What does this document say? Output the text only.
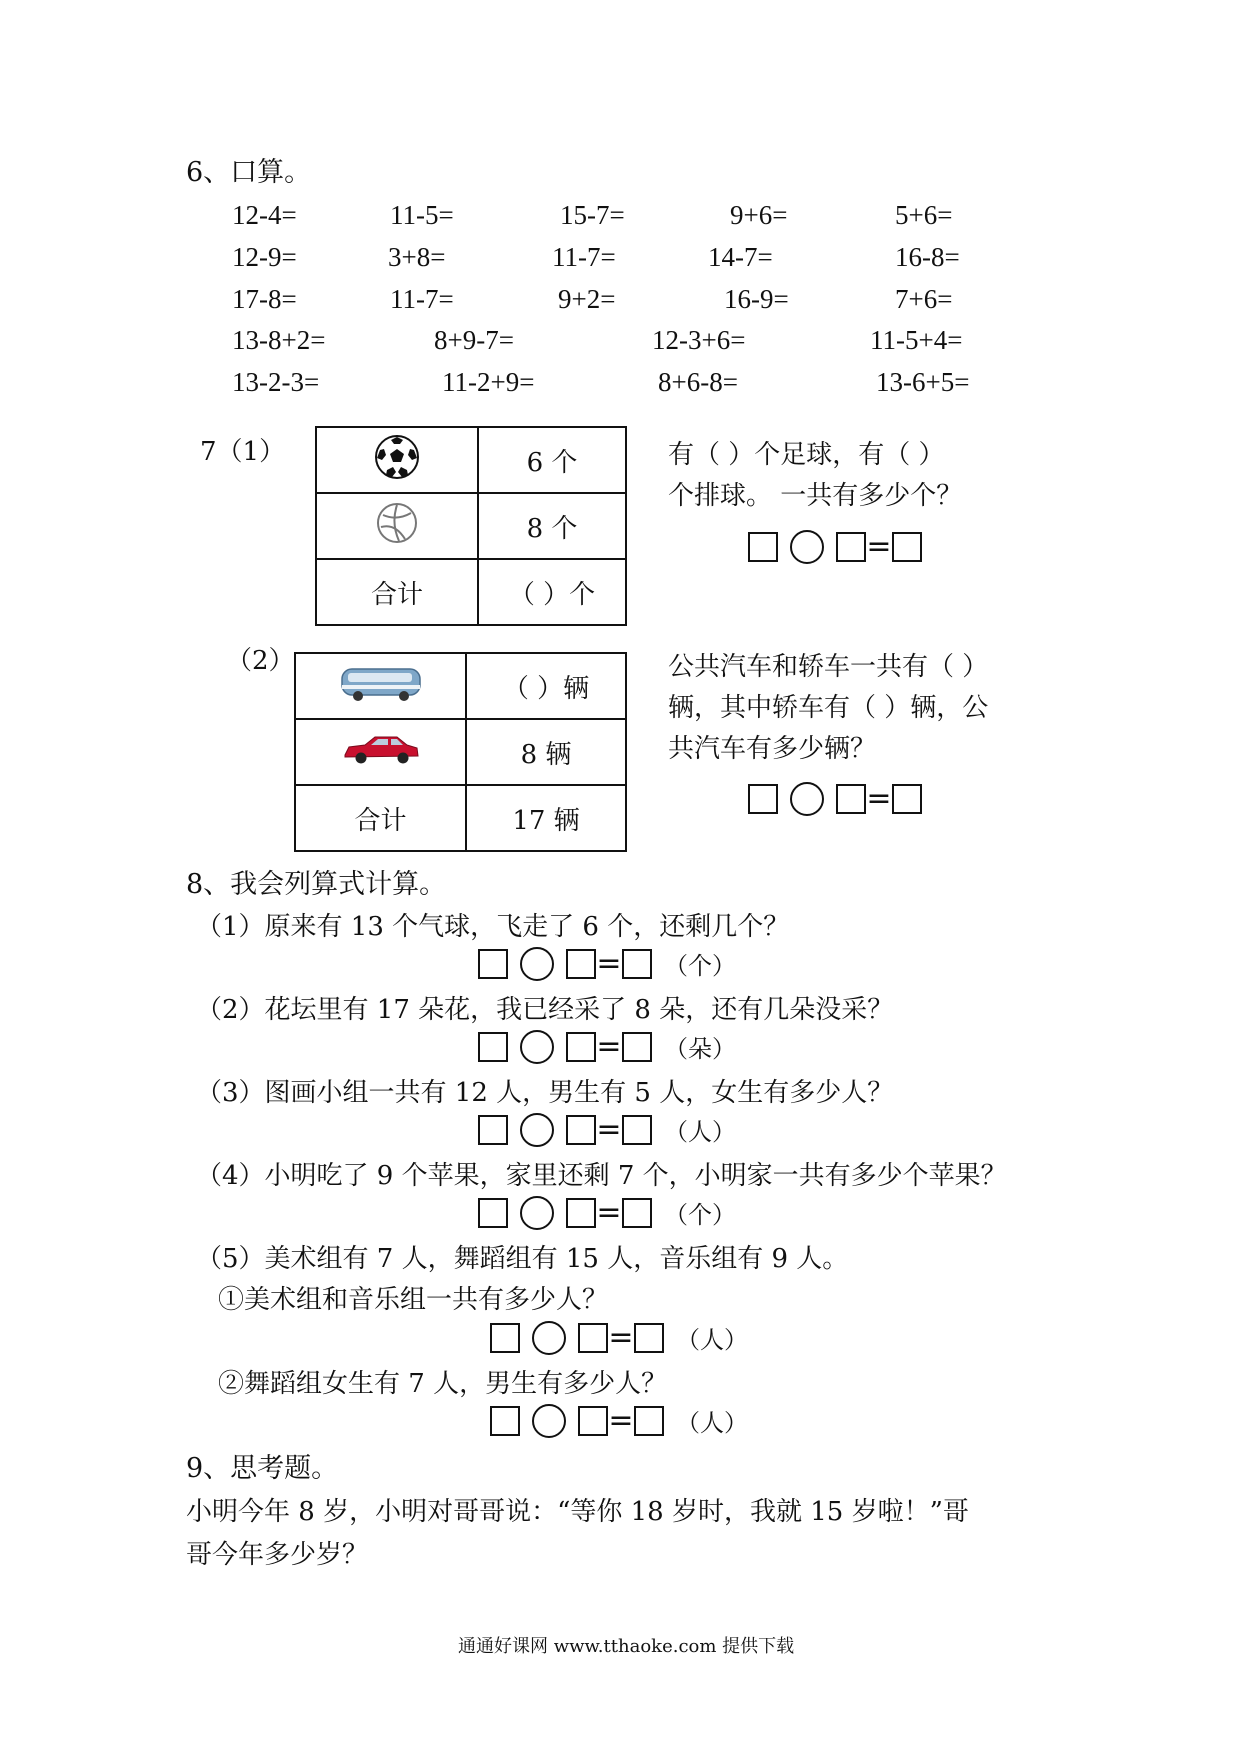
6、口算。
12-4=	11-5=	15-7=	9+6=	5+6=
12-9=	3+8=	11-7=	14-7=	16-8=
17-8=	11-7=	9+2=	16-9=	7+6=
13-8+2=	8+9-7=	12-3+6=	11-5+4=
13-2-3=	11-2+9=	8+6-8=	13-6+5=
7（1）
		6 个
	8 个
合计	（ ）个
有（ ）个足球，有（ ）
个排球。 一共有多少个？
=
（2）
	（ ）辆
	8 辆
合计	17 辆
公共汽车和轿车一共有（ ）
辆，其中轿车有（ ）辆，公
共汽车有多少辆？
=
8、我会列算式计算。
（1）原来有 13 个气球，飞走了 6 个，还剩几个？
= （个）
（2）花坛里有 17 朵花，我已经采了 8 朵，还有几朵没采？
= （朵）
（3）图画小组一共有 12 人，男生有 5 人，女生有多少人？
= （人）
（4）小明吃了 9 个苹果，家里还剩 7 个，小明家一共有多少个苹果？
= （个）
（5）美术组有 7 人，舞蹈组有 15 人，音乐组有 9 人。
①美术组和音乐组一共有多少人？
= （人）
②舞蹈组女生有 7 人，男生有多少人？
= （人）
9、思考题。
小明今年 8 岁，小明对哥哥说：“等你 18 岁时，我就 15 岁啦！”哥
哥今年多少岁？
通通好课网 www.tthaoke.com 提供下载
